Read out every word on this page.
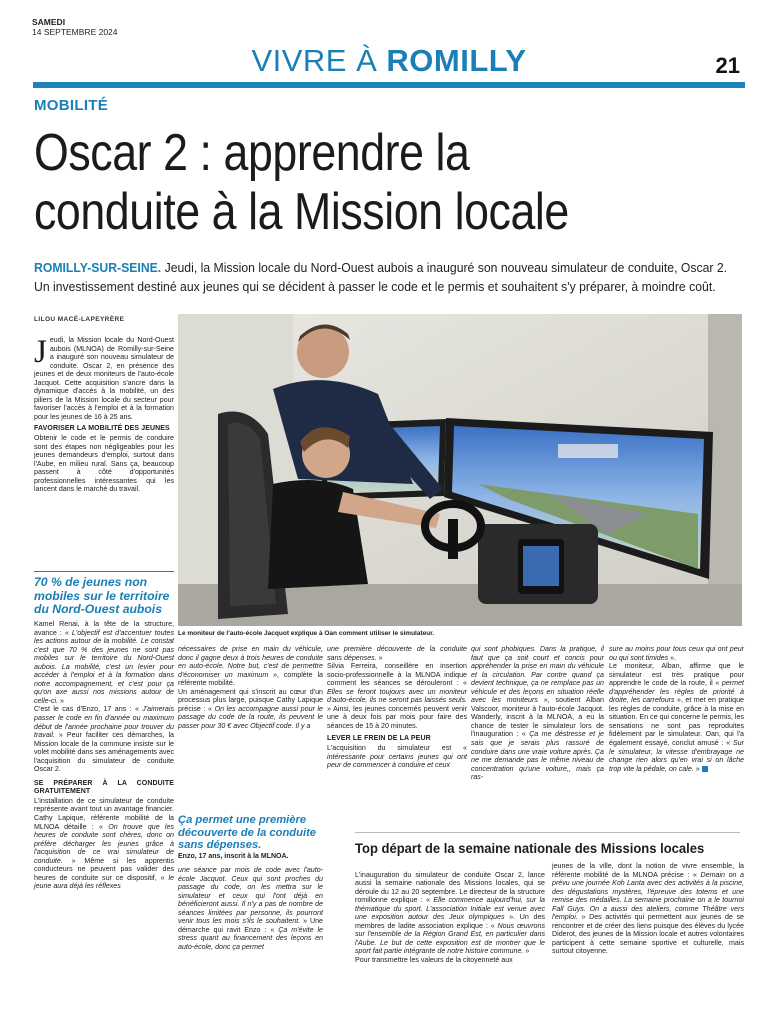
SAMEDI
14 SEPTEMBRE 2024
VIVRE À ROMILLY	21
MOBILITÉ
Oscar 2 : apprendre la
conduite à la Mission locale
ROMILLY-SUR-SEINE. Jeudi, la Mission locale du Nord-Ouest aubois a inauguré son nouveau simulateur de conduite, Oscar 2.
Un investissement destiné aux jeunes qui se décident à passer le code et le permis et souhaitent s'y préparer, à moindre coût.
LILOU MACÉ-LAPEYRÈRE
Le moniteur de l'auto-école Jacquot explique à Oan comment utiliser le simulateur.
Jeudi, la Mission locale du Nord-Ouest aubois (MLNOA) de Romilly-sur-Seine a inauguré son nouveau simulateur de conduite. Oscar 2, en présence des jeunes et de deux moniteurs de l'auto-école Jacquot. Cette acquisition s'ancre dans la dynamique d'accès à la mobilité, un des piliers de la Mission locale du secteur pour favoriser l'accès à l'emploi et à la formation pour les jeunes de 16 à 25 ans.

FAVORISER LA MOBILITÉ DES JEUNES

Obtenir le code et le permis de conduire sont des étapes non négligeables pour les jeunes demandeurs d'emploi, surtout dans l'Aube, en milieu rural. Sans ça, beaucoup passent à côté d'opportunités professionnelles intéressantes qui les lancent dans le marché du travail.

70 % de jeunes non mobiles sur le territoire du Nord-Ouest aubois

Kamel Renai, à la tête de la structure, avance : « L'objectif est d'accentuer toutes les actions autour de la mobilité. Le constat c'est que 70 % des jeunes ne sont pas mobiles sur le territoire du Nord-Ouest aubois. La mobilité, c'est un levier pour accéder à l'emploi et à la formation dans notre accompagnement, et c'est pour ça qu'on axe aussi nos missions autour de celle-ci. »

C'est le cas d'Enzo, 17 ans : « J'aimerais passer le code en fin d'année ou maximum début de l'année prochaine pour trouver du travail. » Peur faciliter ces démarches, la Mission locale de la commune insiste sur le volet mobilité dans ses aménagements avec l'acquisition du simulateur de conduite Oscar 2.

SE PRÉPARER À LA CONDUITE GRATUITEMENT

L'installation de ce simulateur de conduite représente avant tout un avantage financier. Cathy Lapique, référente mobilité de la MLNOA détaille : « On trouve que les heures de conduite sont chères, donc on préfère décharger les jeunes grâce à l'acquisition de ce vrai simulateur de conduite. » Même si les apprentis conducteurs ne peuvent pas valider des heures de conduite sur ce dispositif, « le jeune aura déjà les réflexes

nécessaires de prise en main du véhicule, donc il gagne deux à trois heures de conduite en auto-école. Notre but, c'est de permettre d'économiser un maximum », complète la référente mobilité.

Un aménagement qui s'inscrit au cœur d'un processus plus large, puisque Cathy Lapique précise : « On les accompagne aussi pour le passage du code de la route, ils peuvent le passer pour 30 € avec Objectif code. Il y a

Ça permet une première découverte de la conduite sans dépenses.
Enzo, 17 ans, inscrit à la MLNOA.

une séance par mois de code avec l'auto-école Jacquot. Ceux qui sont proches du passage du code, on les mettra sur le simulateur et ceux qui l'ont déjà en bénéficieront aussi. Il n'y a pas de nombre de séances limitées par personne, ils pourront venir tous les mois s'ils le souhaitent. » Une démarche qui ravit Enzo : « Ça m'évite le stress quant au financement des leçons en auto-école, donc ça permet

une première découverte de la conduite sans dépenses. »

Silvia Ferreira, conseillère en insertion socio-professionnelle à la MLNOA indique comment les séances se dérouleront : « Elles se feront toujours avec un moniteur d'auto-école, ils ne seront pas laissés seuls. » Ainsi, les jeunes concernés peuvent venir une à deux fois par mois pour faire des séances de 15 à 20 minutes.

LEVER LE FREIN DE LA PEUR

L'acquisition du simulateur est « intéressante pour certains jeunes qui ont peur de commencer à conduire et ceux

qui sont phobiques. Dans la pratique, il faut que ça soit court et concis pour appréhender la prise en main du véhicule et la circulation. Par contre quand ça devient technique, ça ne remplace pas un véhicule et des leçons en situation réelle avec les moniteurs », soutient Alban Valscoor, moniteur à l'auto-école Jacquot. Wanderly, inscrit à la MLNOA, a eu la chance de tester le simulateur lors de l'inauguration : « Ça me déstresse et je sais que je serais plus rassuré de conduire dans une vraie voiture après. Ça ne me demande pas le même niveau de concentration qu'une voiture,, mais ça ras-

sure au moins pour tous ceux qui ont peur ou qui sont timides ».

Le moniteur, Alban, affirme que le simulateur est très pratique pour apprendre le code de la route, il « permet d'appréhender les règles de priorité à droite, les carrefours », et met en pratique les règles de conduite, grâce à la mise en situation. En ce qui concerne le permis, les sensations ne sont pas reproduites fidèlement par le simulateur. Oan, qui l'a également essayé, conclut amusé : « Sur le simulateur, la vitesse d'embrayage ne change rien alors qu'en vrai si on lâche trop vite la pédale, on cale. »

Top départ de la semaine nationale des Missions locales

L'inauguration du simulateur de conduite Oscar 2, lance aussi la semaine nationale des Missions locales, qui se déroule du 12 au 20 septembre. Le directeur de la structure romillonne explique : « Elle commence aujourd'hui, sur la thématique du sport. L'association Initiale est venue avec une exposition autour des Jeux olympiques ». Un des membres de ladite association explique : « Nous œuvrons sur l'ensemble de la Région Grand Est, en particulier dans l'Aube. Le but de cette exposition est de montrer que le sport fait partie intégrante de notre histoire commune. »
Pour transmettre les valeurs de la citoyenneté aux

jeunes de la ville, dont la notion de vivre ensemble, la référente mobilité de la MLNOA précise : « Demain on a prévu une journée Koh Lanta avec des activités à la piscine, des dégustations mystères, l'épreuve des totems et une remise des médailles. La semaine prochaine on a le tournoi Fall Guys. On a aussi des ateliers, comme Théâtre vers l'emploi. » Des activités qui permettent aux jeunes de se rencontrer et de créer des liens puisque des élèves du lycée Diderot, des jeunes de la Mission locale et autres volontaires participent à cette semaine sportive et culturelle, mais surtout citoyenne.
